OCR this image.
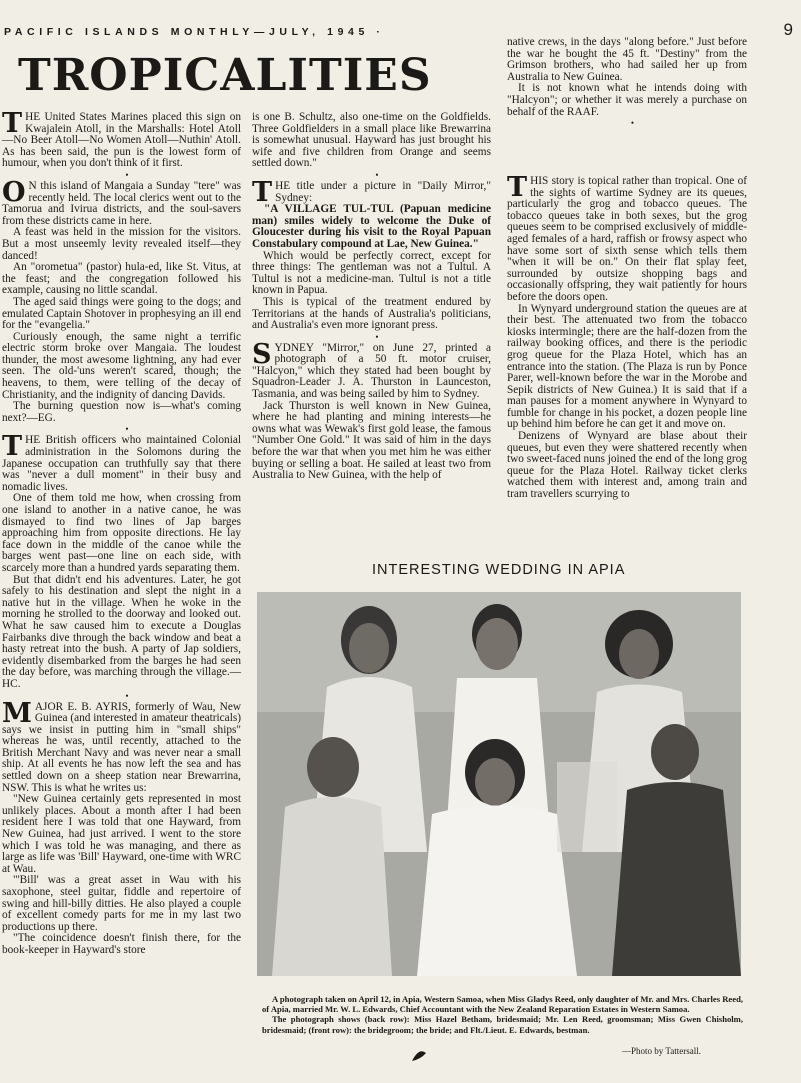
PACIFIC ISLANDS MONTHLY—JULY, 1945 ·	9
TROPICALITIES

THE United States Marines placed this sign on Kwajalein Atoll, in the Marshalls: Hotel Atoll—No Beer Atoll—No Women Atoll—Nuthin' Atoll. As has been said, the pun is the lowest form of humour, when you don't think of it first.

•

O N this island of Mangaia a Sunday "tere" was recently held. The local clerics went out to the Tamorua and Ivirua districts, and the soul-savers from these districts came in here.

A feast was held in the mission for the visitors. But a most unseemly levity revealed itself—they danced!

An "orometua" (pastor) hula-ed, like St. Vitus, at the feast; and the congregation followed his example, causing no little scandal.

The aged said things were going to the dogs; and emulated Captain Shotover in prophesying an ill end for the "evangelia."

Curiously enough, the same night a terrific electric storm broke over Mangaia. The loudest thunder, the most awesome lightning, any had ever seen. The old-'uns weren't scared, though; the heavens, to them, were telling of the decay of Christianity, and the indignity of dancing Davids.

The burning question now is—what's coming next?—EG.

•

THE British officers who maintained Colonial administration in the Solomons during the Japanese occupation can truthfully say that there was "never a dull moment" in their busy and nomadic lives.

One of them told me how, when crossing from one island to another in a native canoe, he was dismayed to find two lines of Jap barges approaching him from opposite directions. He lay face down in the middle of the canoe while the barges went past—one line on each side, with scarcely more than a hundred yards separating them.

But that didn't end his adventures. Later, he got safely to his destination and slept the night in a native hut in the village. When he woke in the morning he strolled to the doorway and looked out. What he saw caused him to execute a Douglas Fairbanks dive through the back window and beat a hasty retreat into the bush. A party of Jap soldiers, evidently disembarked from the barges he had seen the day before, was marching through the village.—HC.

•

MAJOR E. B. AYRIS, formerly of Wau, New Guinea (and interested in amateur theatricals) says we insist in putting him in "small ships" whereas he was, until recently, attached to the British Merchant Navy and was never near a small ship. At all events he has now left the sea and has settled down on a sheep station near Brewarrina, NSW. This is what he writes us:

"New Guinea certainly gets represented in most unlikely places. About a month after I had been resident here I was told that one Hayward, from New Guinea, had just arrived. I went to the store which I was told he was managing, and there as large as life was 'Bill' Hayward, one-time with WRC at Wau.

"'Bill' was a great asset in Wau with his saxophone, steel guitar, fiddle and repertoire of swing and hill-billy ditties. He also played a couple of excellent comedy parts for me in my last two productions up there.

"The coincidence doesn't finish there, for the book-keeper in Hayward's store

is one B. Schultz, also one-time on the Goldfields. Three Goldfielders in a small place like Brewarrina is somewhat unusual. Hayward has just brought his wife and five children from Orange and seems settled down."

•

THE title under a picture in "Daily Mirror," Sydney:

"A VILLAGE TUL-TUL (Papuan medicine man) smiles widely to welcome the Duke of Gloucester during his visit to the Royal Papuan Constabulary compound at Lae, New Guinea."

Which would be perfectly correct, except for three things: The gentleman was not a Tultul. A Tultul is not a medicine-man. Tultul is not a title known in Papua.

This is typical of the treatment endured by Territorians at the hands of Australia's politicians, and Australia's even more ignorant press.

•

SYDNEY "Mirror," on June 27, printed a photograph of a 50 ft. motor cruiser, "Halcyon," which they stated had been bought by Squadron-Leader J. A. Thurston in Launceston, Tasmania, and was being sailed by him to Sydney.

Jack Thurston is well known in New Guinea, where he had planting and mining interests—he owns what was Wewak's first gold lease, the famous "Number One Gold." It was said of him in the days before the war that when you met him he was either buying or selling a boat. He sailed at least two from Australia to New Guinea, with the help of

native crews, in the days "along before." Just before the war he bought the 45 ft. "Destiny" from the Grimson brothers, who had sailed her up from Australia to New Guinea.

It is not known what he intends doing with "Halcyon"; or whether it was merely a purchase on behalf of the RAAF.

•

THIS story is topical rather than tropical. One of the sights of wartime Sydney are its queues, particularly the grog and tobacco queues. The tobacco queues take in both sexes, but the grog queues seem to be comprised exclusively of middle-aged females of a hard, raffish or frowsy aspect who have some sort of sixth sense which tells them "when it will be on." On their flat splay feet, surrounded by outsize shopping bags and occasionally offspring, they wait patiently for hours before the doors open.

In Wynyard underground station the queues are at their best. The attenuated two from the tobacco kiosks intermingle; there are the half-dozen from the railway booking offices, and there is the periodic grog queue for the Plaza Hotel, which has an entrance into the station. (The Plaza is run by Ponce Parer, well-known before the war in the Morobe and Sepik districts of New Guinea.) It is said that if a man pauses for a moment anywhere in Wynyard to fumble for change in his pocket, a dozen people line up behind him before he can get it and move on.

Denizens of Wynyard are blase about their queues, but even they were shattered recently when two sweet-faced nuns joined the end of the long grog queue for the Plaza Hotel. Railway ticket clerks watched them with interest and, among train and tram travellers scurrying to

INTERESTING WEDDING IN APIA

A photograph taken on April 12, in Apia, Western Samoa, when Miss Gladys Reed, only daughter of Mr. and Mrs. Charles Reed, of Apia, married Mr. W. L. Edwards, Chief Accountant with the New Zealand Reparation Estates in Western Samoa.

The photograph shows (back row): Miss Hazel Betham, bridesmaid; Mr. Len Reed, groomsman; Miss Gwen Chisholm, bridesmaid; (front row): the bridegroom; the bride; and Flt./Lieut. E. Edwards, bestman.

—Photo by Tattersall.
